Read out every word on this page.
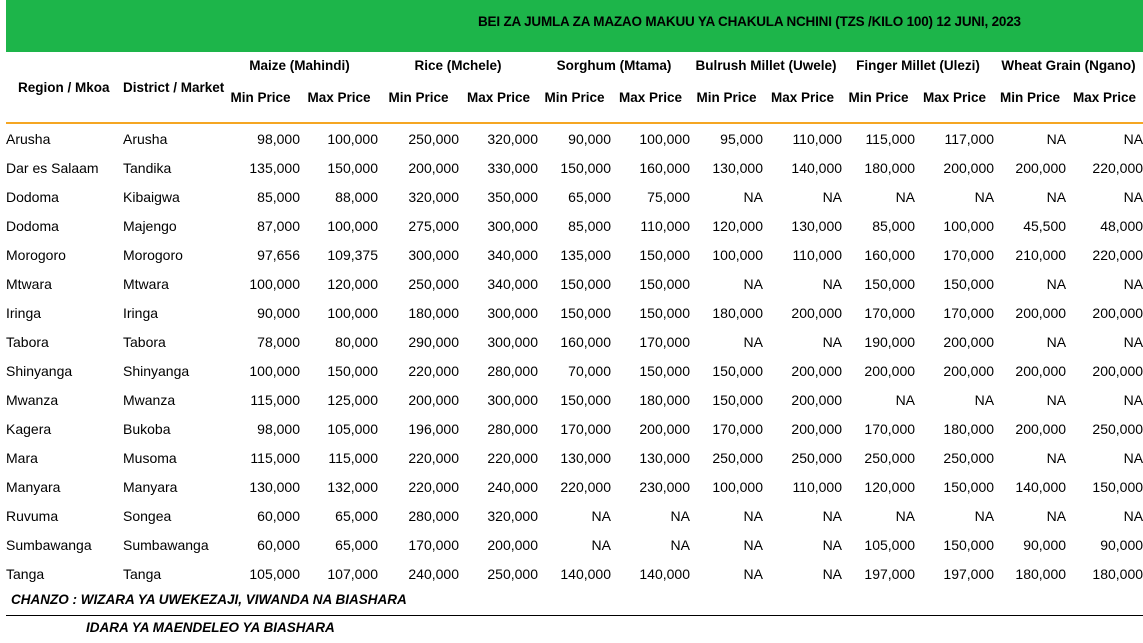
BEI ZA JUMLA ZA MAZAO MAKUU YA CHAKULA NCHINI (TZS /KILO 100) 12 JUNI, 2023
Region / Mkoa	District / Market	Maize (Mahindi)		Rice (Mchele)		Sorghum (Mtama)		Bulrush Millet (Uwele)		Finger Millet (Ulezi)		Wheat Grain (Ngano)	
		Min Price	Max Price	Min Price	Max Price	Min Price	Max Price	Min Price	Max Price	Min Price	Max Price	Min Price	Max Price
Arusha	Arusha	98,000	100,000	250,000	320,000	90,000	100,000	95,000	110,000	115,000	117,000	NA	NA
Dar es Salaam	Tandika	135,000	150,000	200,000	330,000	150,000	160,000	130,000	140,000	180,000	200,000	200,000	220,000
Dodoma	Kibaigwa	85,000	88,000	320,000	350,000	65,000	75,000	NA	NA	NA	NA	NA	NA
Dodoma	Majengo	87,000	100,000	275,000	300,000	85,000	110,000	120,000	130,000	85,000	100,000	45,500	48,000
Morogoro	Morogoro	97,656	109,375	300,000	340,000	135,000	150,000	100,000	110,000	160,000	170,000	210,000	220,000
Mtwara	Mtwara	100,000	120,000	250,000	340,000	150,000	150,000	NA	NA	150,000	150,000	NA	NA
Iringa	Iringa	90,000	100,000	180,000	300,000	150,000	150,000	180,000	200,000	170,000	170,000	200,000	200,000
Tabora	Tabora	78,000	80,000	290,000	300,000	160,000	170,000	NA	NA	190,000	200,000	NA	NA
Shinyanga	Shinyanga	100,000	150,000	220,000	280,000	70,000	150,000	150,000	200,000	200,000	200,000	200,000	200,000
Mwanza	Mwanza	115,000	125,000	200,000	300,000	150,000	180,000	150,000	200,000	NA	NA	NA	NA
Kagera	Bukoba	98,000	105,000	196,000	280,000	170,000	200,000	170,000	200,000	170,000	180,000	200,000	250,000
Mara	Musoma	115,000	115,000	220,000	220,000	130,000	130,000	250,000	250,000	250,000	250,000	NA	NA
Manyara	Manyara	130,000	132,000	220,000	240,000	220,000	230,000	100,000	110,000	120,000	150,000	140,000	150,000
Ruvuma	Songea	60,000	65,000	280,000	320,000	NA	NA	NA	NA	NA	NA	NA	NA
Sumbawanga	Sumbawanga	60,000	65,000	170,000	200,000	NA	NA	NA	NA	105,000	150,000	90,000	90,000
Tanga	Tanga	105,000	107,000	240,000	250,000	140,000	140,000	NA	NA	197,000	197,000	180,000	180,000
CHANZO : WIZARA YA UWEKEZAJI, VIWANDA NA BIASHARA
IDARA YA MAENDELEO YA BIASHARA
